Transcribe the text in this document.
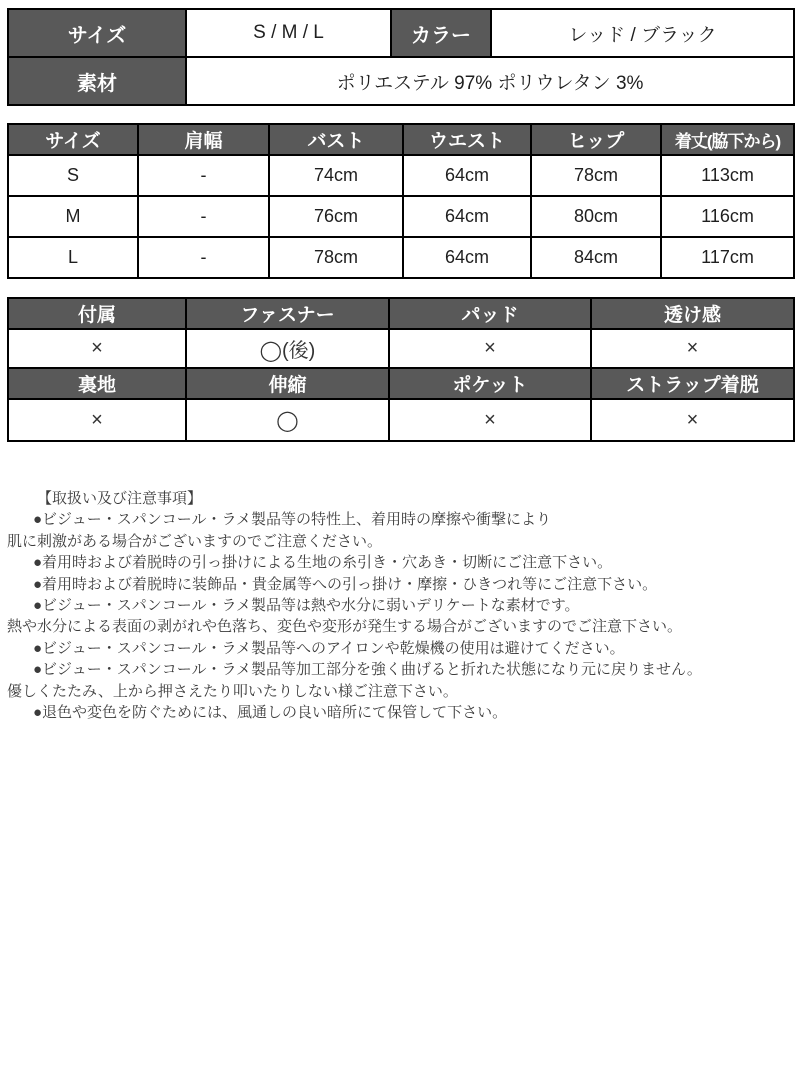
サイズ	S / M / L	カラー	レッド / ブラック
素材	ポリエステル 97% ポリウレタン 3%		
サイズ	肩幅	バスト	ウエスト	ヒップ	着丈(脇下から)
S	-	74cm	64cm	78cm	113cm
M	-	76cm	64cm	80cm	116cm
L	-	78cm	64cm	84cm	117cm
付属	ファスナー	パッド	透け感
×	◯(後)	×	×
裏地	伸縮	ポケット	ストラップ着脱
×	◯	×	×
【取扱い及び注意事項】
●ビジュー・スパンコール・ラメ製品等の特性上、着用時の摩擦や衝撃により
肌に刺激がある場合がございますのでご注意ください。
●着用時および着脱時の引っ掛けによる生地の糸引き・穴あき・切断にご注意下さい。
●着用時および着脱時に装飾品・貴金属等への引っ掛け・摩擦・ひきつれ等にご注意下さい。
●ビジュー・スパンコール・ラメ製品等は熱や水分に弱いデリケートな素材です。
熱や水分による表面の剥がれや色落ち、変色や変形が発生する場合がございますのでご注意下さい。
●ビジュー・スパンコール・ラメ製品等へのアイロンや乾燥機の使用は避けてください。
●ビジュー・スパンコール・ラメ製品等加工部分を強く曲げると折れた状態になり元に戻りません。
優しくたたみ、上から押さえたり叩いたりしない様ご注意下さい。
●退色や変色を防ぐためには、風通しの良い暗所にて保管して下さい。
